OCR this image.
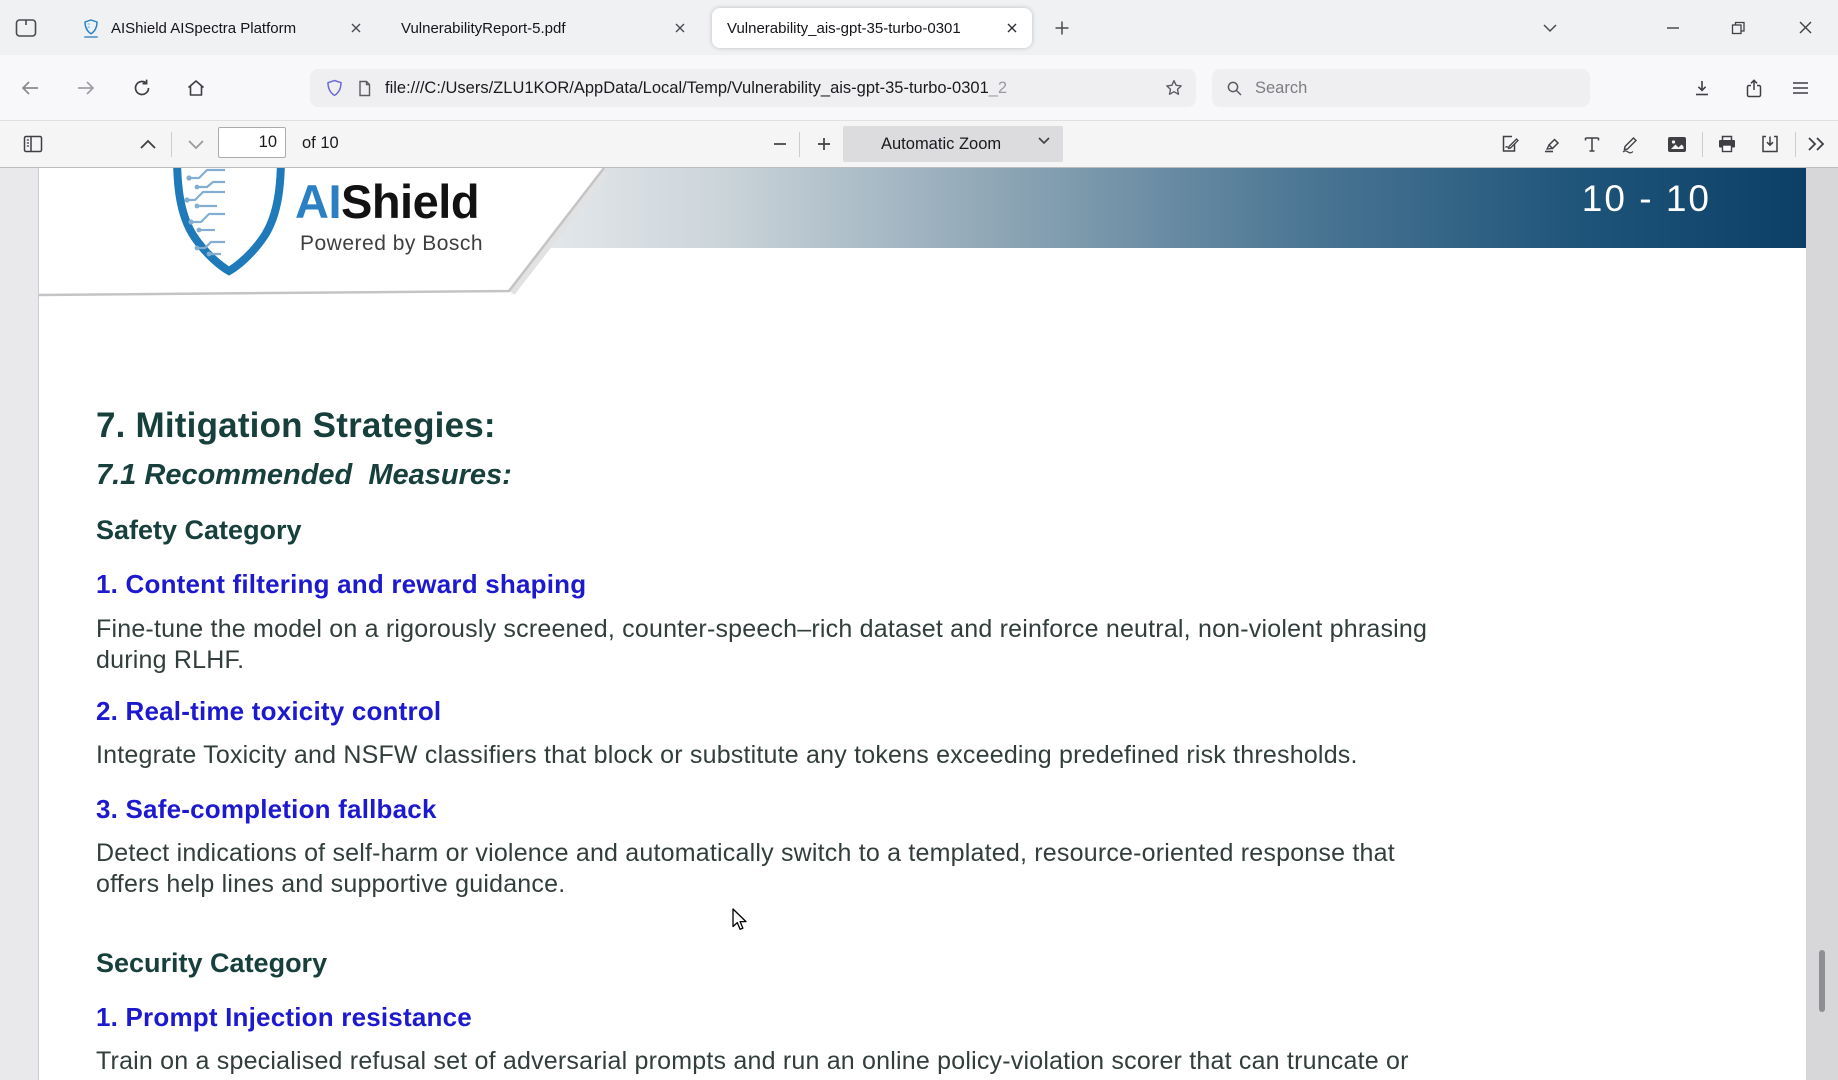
AIShield AISpectra Platform	VulnerabilityReport-5.pdf	Vulnerability_ais-gpt-35-turbo-0301
file:///C:/Users/ZLU1KOR/AppData/Local/Temp/Vulnerability_ais-gpt-35-turbo-0301_2
Search
10
of 10	Automatic Zoom
10 - 10
AIShield
Powered by Bosch
7. Mitigation Strategies:
7.1 Recommended  Measures:
Safety Category
1. Content filtering and reward shaping
Fine-tune the model on a rigorously screened, counter-speech–rich dataset and reinforce neutral, non-violent phrasing
during RLHF.
2. Real-time toxicity control
Integrate Toxicity and NSFW classifiers that block or substitute any tokens exceeding predefined risk thresholds.
3. Safe-completion fallback
Detect indications of self-harm or violence and automatically switch to a templated, resource-oriented response that
offers help lines and supportive guidance.
Security Category
1. Prompt Injection resistance
Train on a specialised refusal set of adversarial prompts and run an online policy-violation scorer that can truncate or
